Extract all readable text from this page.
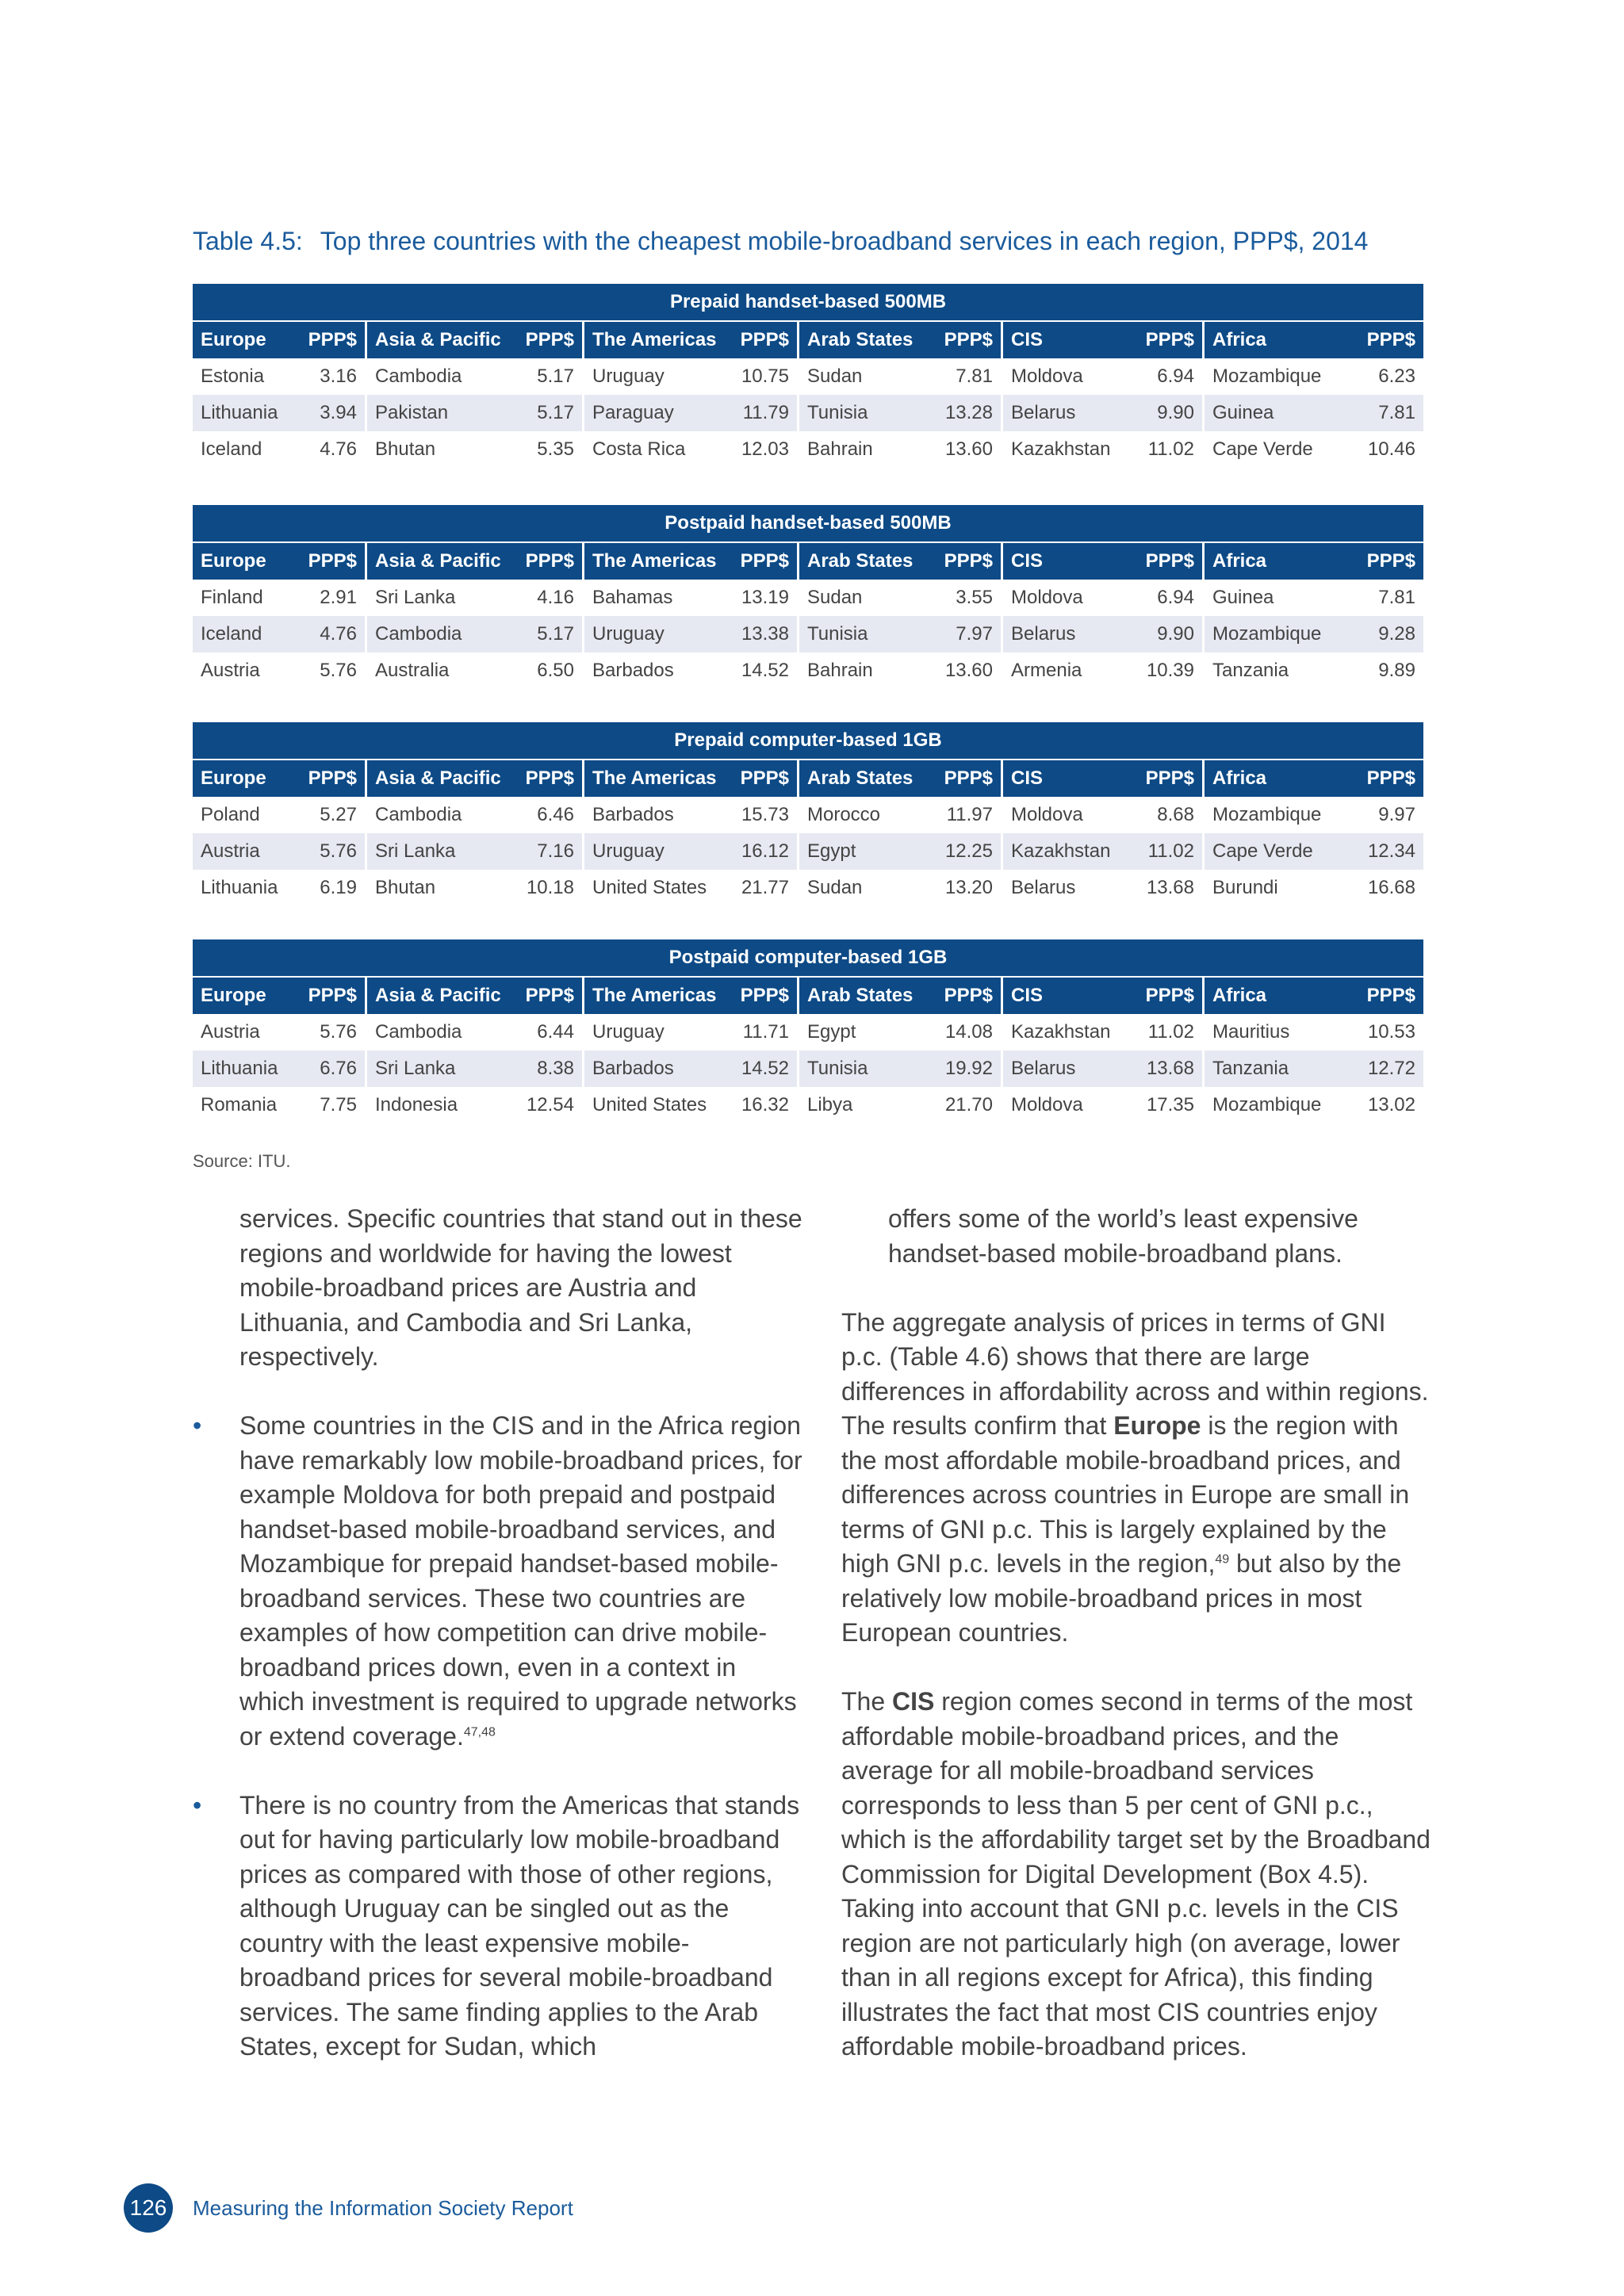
Table 4.5: Top three countries with the cheapest mobile-broadband services in each region, PPP$, 2014
Prepaid handset-based 500MB
Europe	PPP$ Asia & Pacific	PPP$ The Americas	PPP$ Arab States	PPP$ CIS	PPP$ Africa	PPP$
Estonia	3.16 Cambodia	5.17 Uruguay	10.75 Sudan	7.81 Moldova	6.94 Mozambique	6.23
Lithuania	3.94 Pakistan	5.17 Paraguay	11.79 Tunisia	13.28 Belarus	9.90 Guinea	7.81
Iceland	4.76 Bhutan	5.35 Costa Rica	12.03 Bahrain	13.60 Kazakhstan	11.02 Cape Verde	10.46
Postpaid handset-based 500MB
Europe	PPP$ Asia & Pacific	PPP$ The Americas	PPP$ Arab States	PPP$ CIS	PPP$ Africa	PPP$
Finland	2.91 Sri Lanka	4.16 Bahamas	13.19 Sudan	3.55 Moldova	6.94 Guinea	7.81
Iceland	4.76 Cambodia	5.17 Uruguay	13.38 Tunisia	7.97 Belarus	9.90 Mozambique	9.28
Austria	5.76 Australia	6.50 Barbados	14.52 Bahrain	13.60 Armenia	10.39 Tanzania	9.89
Prepaid computer-based 1GB
Europe	PPP$ Asia & Pacific	PPP$ The Americas	PPP$ Arab States	PPP$ CIS	PPP$ Africa	PPP$
Poland	5.27 Cambodia	6.46 Barbados	15.73 Morocco	11.97 Moldova	8.68 Mozambique	9.97
Austria	5.76 Sri Lanka	7.16 Uruguay	16.12 Egypt	12.25 Kazakhstan	11.02 Cape Verde	12.34
Lithuania	6.19 Bhutan	10.18 United States	21.77 Sudan	13.20 Belarus	13.68 Burundi	16.68
Postpaid computer-based 1GB
Europe	PPP$ Asia & Pacific	PPP$ The Americas	PPP$ Arab States	PPP$ CIS	PPP$ Africa	PPP$
Austria	5.76 Cambodia	6.44 Uruguay	11.71 Egypt	14.08 Kazakhstan	11.02 Mauritius	10.53
Lithuania	6.76 Sri Lanka	8.38 Barbados	14.52 Tunisia	19.92 Belarus	13.68 Tanzania	12.72
Romania	7.75 Indonesia	12.54 United States	16.32 Libya	21.70 Moldova	17.35 Mozambique	13.02
Source: ITU.

services. Specific countries that stand out in these regions and worldwide for having the lowest mobile-broadband prices are Austria and Lithuania, and Cambodia and Sri Lanka, respectively.

• Some countries in the CIS and in the Africa region have remarkably low mobile-broadband prices, for example Moldova for both prepaid and postpaid handset-based mobile-broadband services, and Mozambique for prepaid handset-based mobile-broadband services. These two countries are examples of how competition can drive mobile-broadband prices down, even in a context in which investment is required to upgrade networks or extend coverage.$^{47,48}$

• There is no country from the Americas that stands out for having particularly low mobile-broadband prices as compared with those of other regions, although Uruguay can be singled out as the country with the least expensive mobile-broadband prices for several mobile-broadband services. The same finding applies to the Arab States, except for Sudan, which

offers some of the world’s least expensive handset-based mobile-broadband plans.

The aggregate analysis of prices in terms of GNI p.c. (Table 4.6) shows that there are large differences in affordability across and within regions. The results confirm that Europe is the region with the most affordable mobile-broadband prices, and differences across countries in Europe are small in terms of GNI p.c. This is largely explained by the high GNI p.c. levels in the region,$^{49}$ but also by the relatively low mobile-broadband prices in most European countries.

The CIS region comes second in terms of the most affordable mobile-broadband prices, and the average for all mobile-broadband services corresponds to less than 5 per cent of GNI p.c., which is the affordability target set by the Broadband Commission for Digital Development (Box 4.5). Taking into account that GNI p.c. levels in the CIS region are not particularly high (on average, lower than in all regions except for Africa), this finding illustrates the fact that most CIS countries enjoy affordable mobile-broadband prices.

126 Measuring the Information Society Report
